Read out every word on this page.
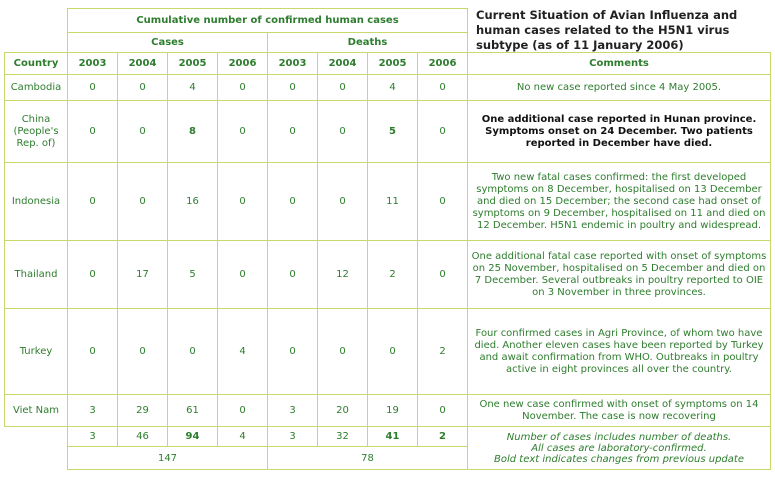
Current Situation of Avian Influenza and human cases related to the H5N1 virus subtype (as of 11 January 2006)
	Cumulative number of confirmed human cases								
	Cases				Deaths				
Country	2003	2004	2005	2006	2003	2004	2005	2006	Comments
Cambodia	0	0	4	0	0	0	4	0	No new case reported since 4 May 2005.
China (People's Rep. of)	0	0	8	0	0	0	5	0	One additional case reported in Hunan province. Symptoms onset on 24 December. Two patients reported in December have died.
Indonesia	0	0	16	0	0	0	11	0	Two new fatal cases confirmed: the first developed symptoms on 8 December, hospitalised on 13 December and died on 15 December; the second case had onset of symptoms on 9 December, hospitalised on 11 and died on 12 December. H5N1 endemic in poultry and widespread.
Thailand	0	17	5	0	0	12	2	0	One additional fatal case reported with onset of symptoms on 25 November, hospitalised on 5 December and died on 7 December. Several outbreaks in poultry reported to OIE on 3 November in three provinces.
Turkey	0	0	0	4	0	0	0	2	Four confirmed cases in Agri Province, of whom two have died. Another eleven cases have been reported by Turkey and await confirmation from WHO. Outbreaks in poultry active in eight provinces all over the country.
Viet Nam	3	29	61	0	3	20	19	0	One new case confirmed with onset of symptoms on 14 November. The case is now recovering
	3	46	94	4	3	32	41	2	Number of cases includes number of deaths.
All cases are laboratory-confirmed.
Bold text indicates changes from previous update

	147				78				
